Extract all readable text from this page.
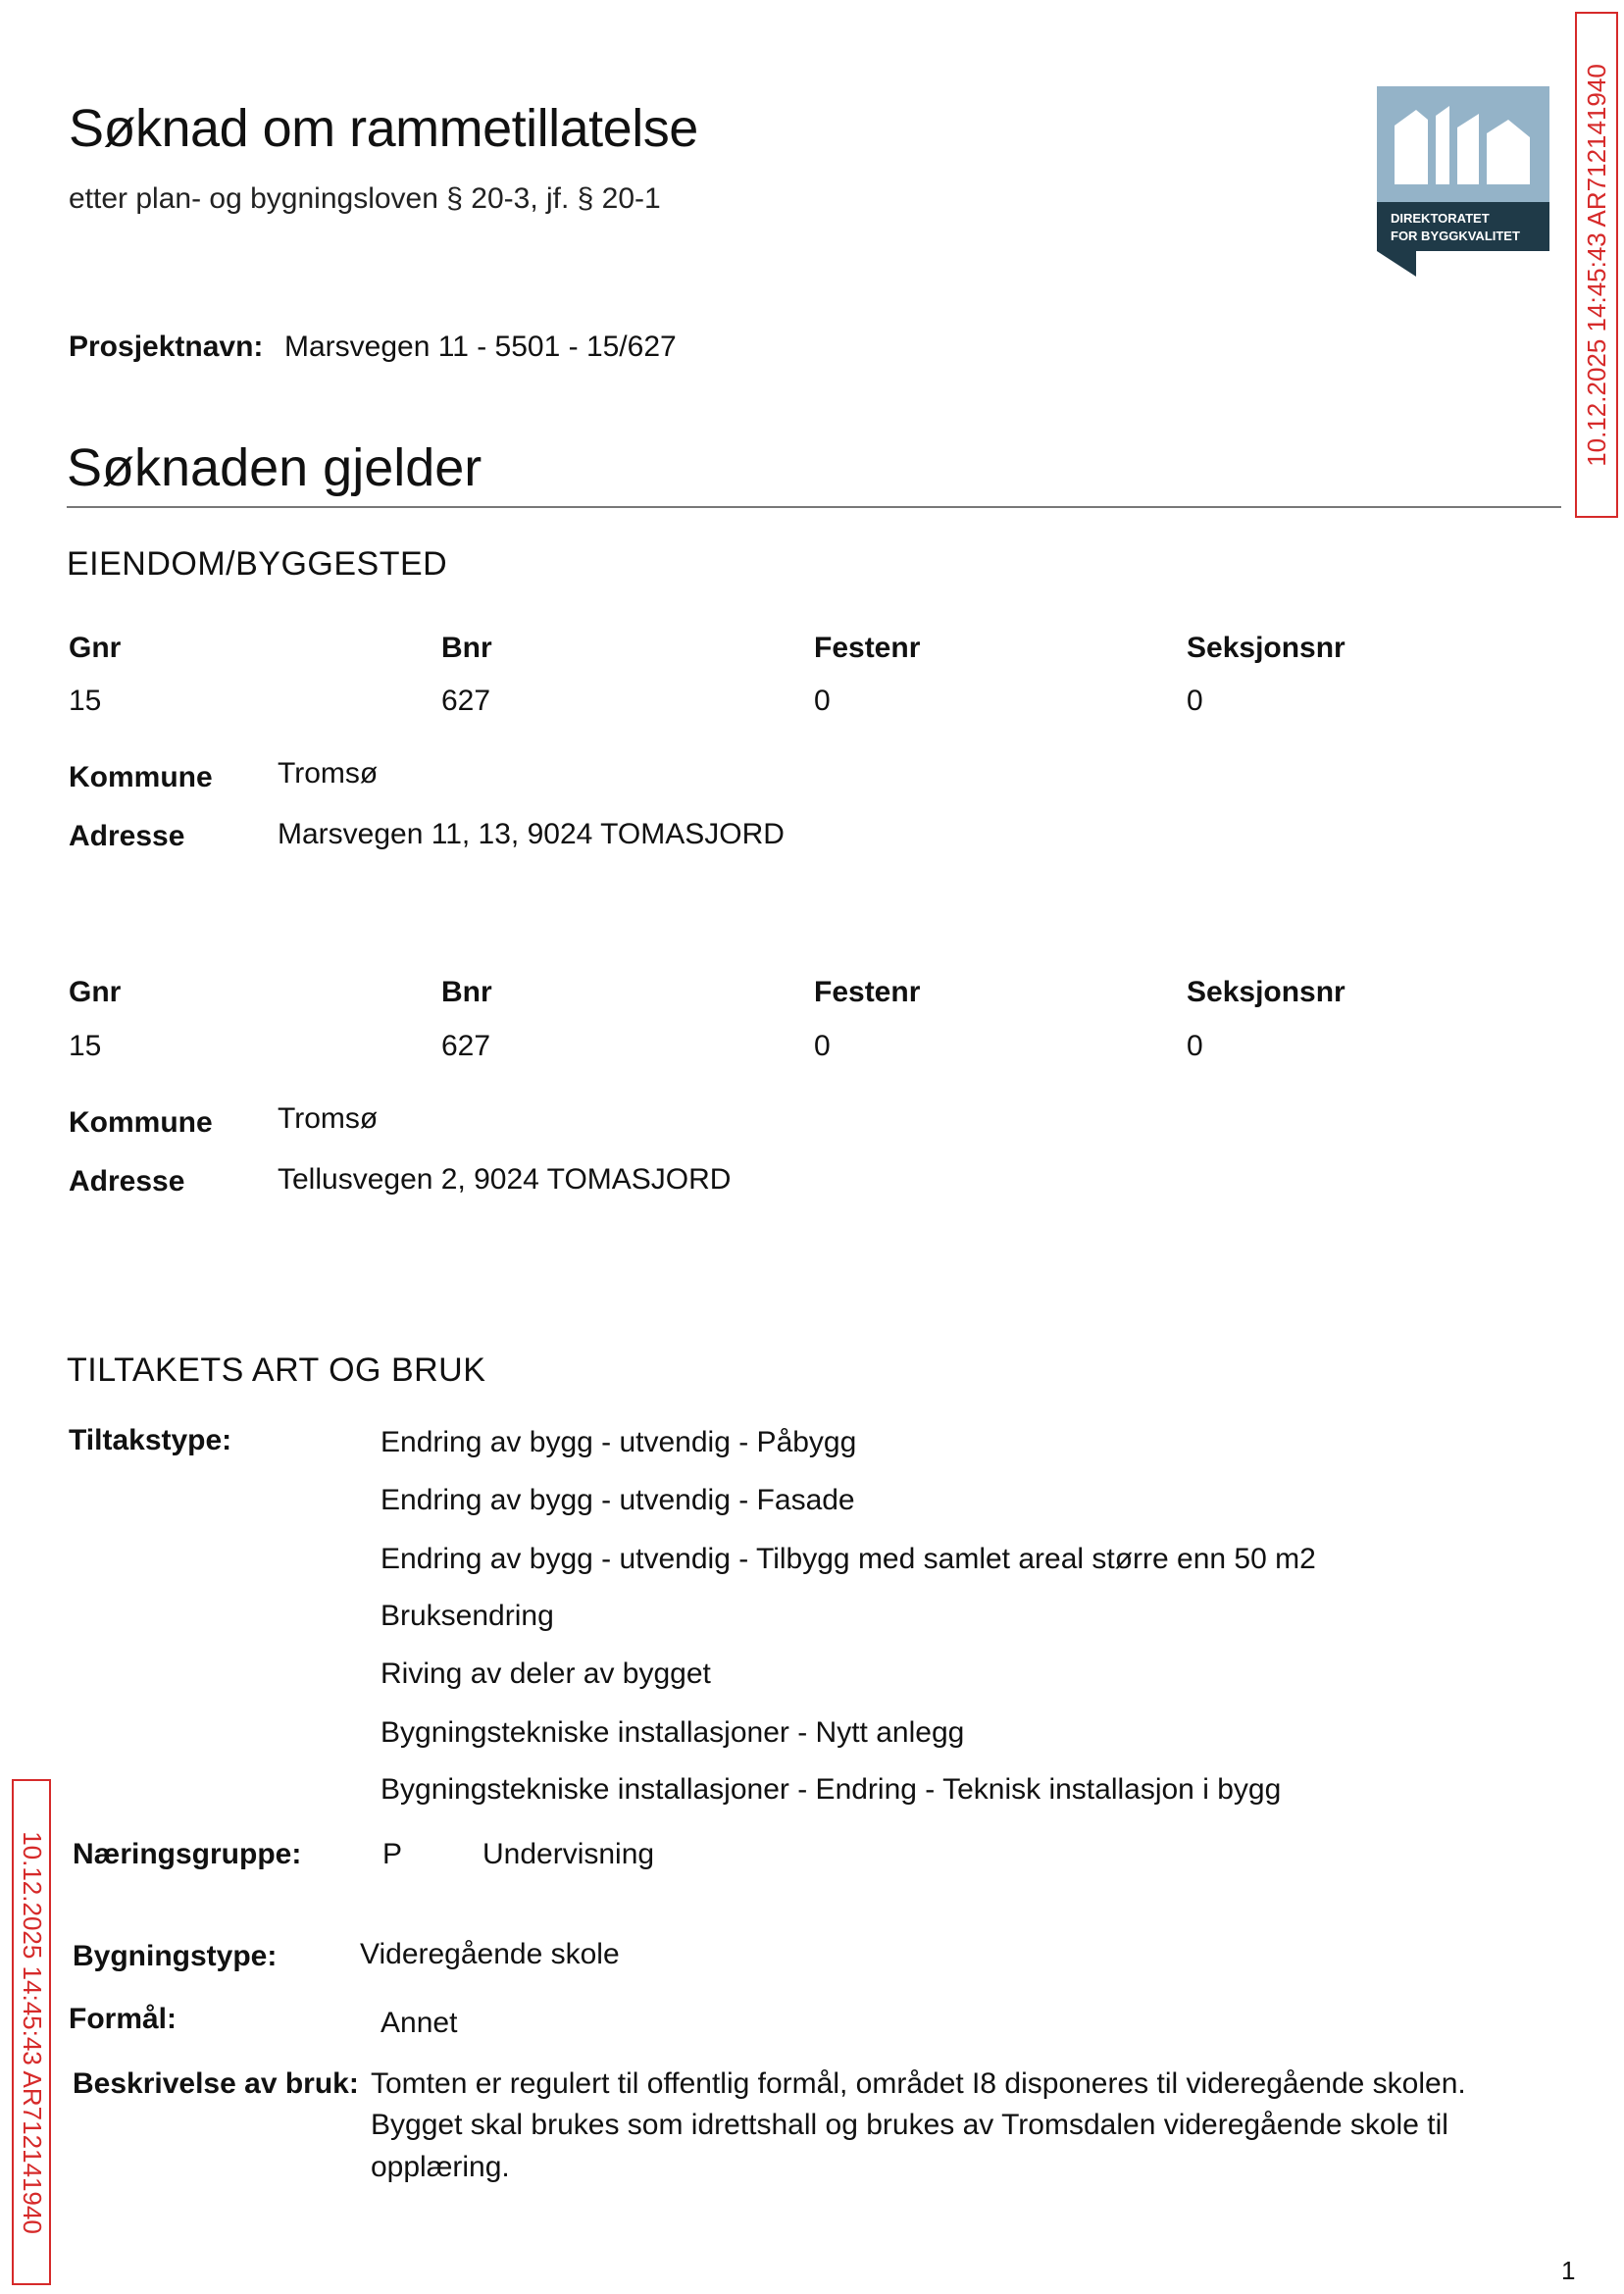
Søknad om rammetillatelse
etter plan- og bygningsloven § 20-3, jf. § 20-1
DIREKTORATET
FOR BYGGKVALITET 10.12.2025 14:45:43 AR712141940
Prosjektnavn: Marsvegen 11 - 5501 - 15/627
Søknaden gjelder
EIENDOM/BYGGESTED
Gnr	Bnr	Festenr	Seksjonsnr
15	627	0	0
Kommune Tromsø
Adresse	Marsvegen 11, 13, 9024 TOMASJORD
Gnr	Bnr	Festenr	Seksjonsnr
15	627	0	0
Kommune Tromsø
Adresse	Tellusvegen 2, 9024 TOMASJORD
TILTAKETS ART OG BRUK
Tiltakstype:	Endring av bygg - utvendig - Påbygg
Endring av bygg - utvendig - Fasade
Endring av bygg - utvendig - Tilbygg med samlet areal større enn 50 m2
Bruksendring
Riving av deler av bygget
Bygningstekniske installasjoner - Nytt anlegg
Bygningstekniske installasjoner - Endring - Teknisk installasjon i bygg
Næringsgruppe:	P	Undervisning
Bygningstype:	Videregående skole
Formål:	Annet
Beskrivelse av bruk: Tomten er regulert til offentlig formål, området I8 disponeres til videregående skolen.
Bygget skal brukes som idrettshall og brukes av Tromsdalen videregående skole til
opplæring.
10.12.2025 14:45:43 AR712141940
1
